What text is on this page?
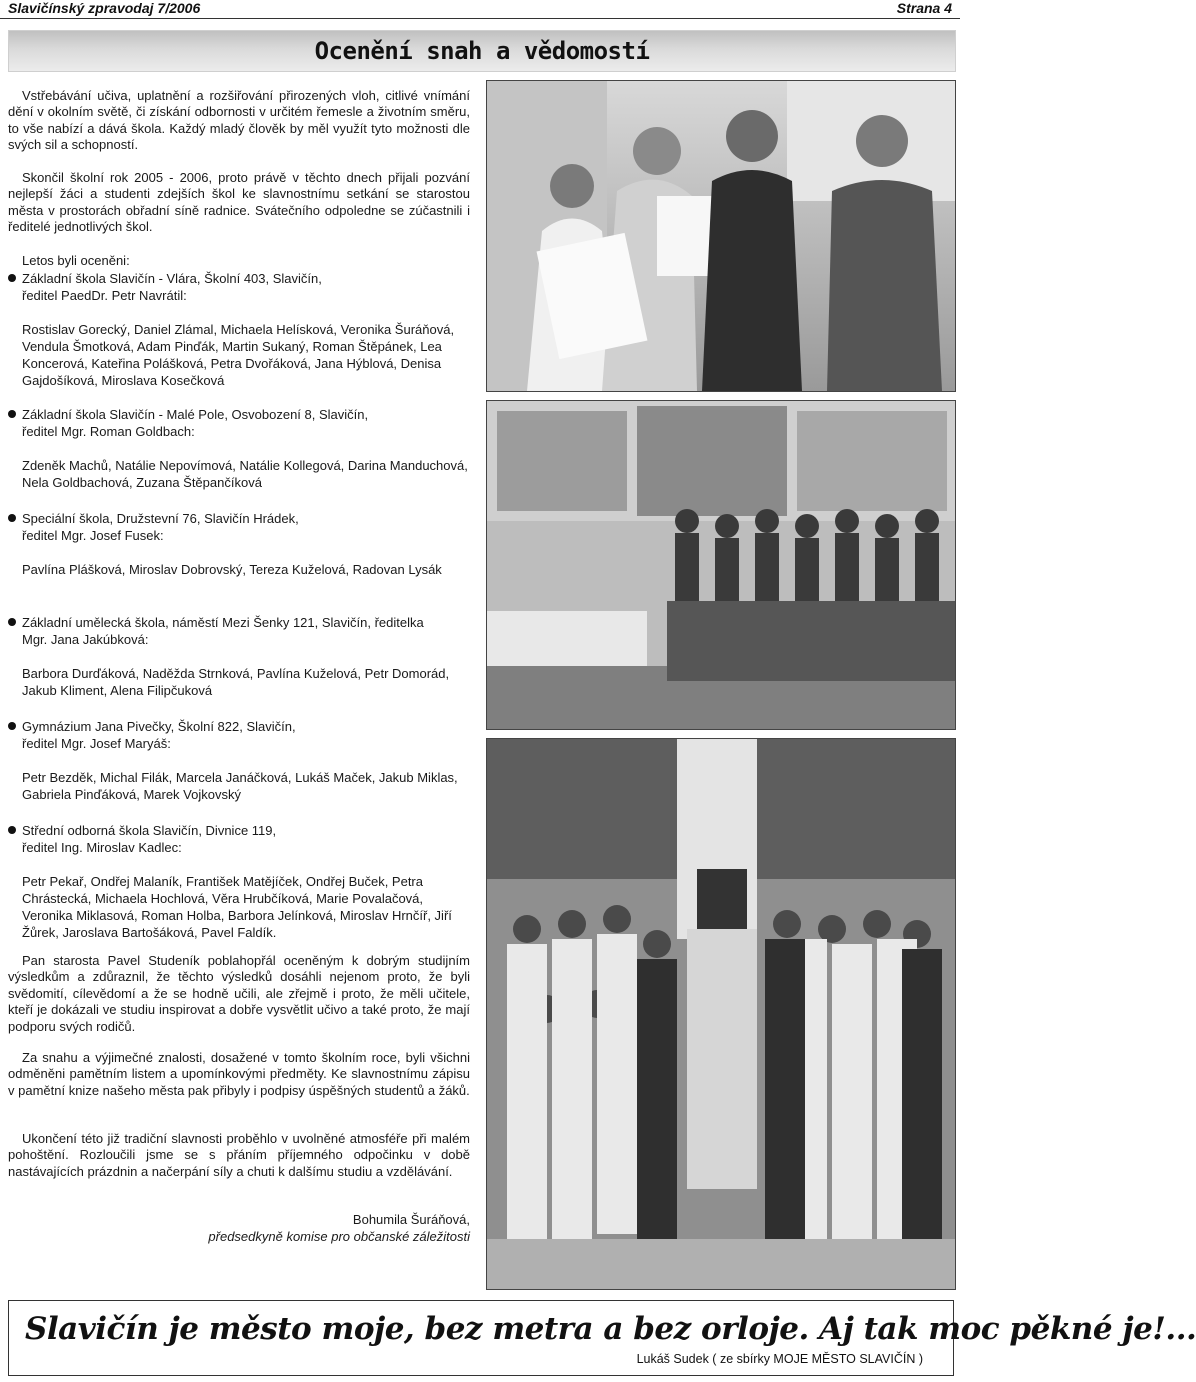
Slavičínský zpravodaj 7/2006	Strana 4
Ocenění snah a vědomostí

Vstřebávání učiva, uplatnění a rozšiřování přirozených vloh, citlivé vnímání dění v okolním světě, či získání odbornosti v určitém řemesle a životním směru, to vše nabízí a dává škola. Každý mladý člověk by měl využít tyto možnosti dle svých sil a schopností.

Skončil školní rok 2005 - 2006, proto právě v těchto dnech přijali pozvání nejlepší žáci a studenti zdejších škol ke slavnostnímu setkání se starostou města v prostorách obřadní síně radnice. Svátečního odpoledne se zúčastnili i ředitelé jednotlivých škol.

Letos byli oceněni:

Základní škola Slavičín - Vlára, Školní 403, Slavičín,
ředitel PaedDr. Petr Navrátil:
Rostislav Gorecký, Daniel Zlámal, Michaela Helísková, Veronika Šuráňová, Vendula Šmotková, Adam Pinďák, Martin Sukaný, Roman Štěpánek, Lea Koncerová, Kateřina Polášková, Petra Dvořáková, Jana Hýblová, Denisa Gajdošíková, Miroslava Kosečková
Základní škola Slavičín - Malé Pole, Osvobození 8, Slavičín,
ředitel Mgr. Roman Goldbach:
Zdeněk Machů, Natálie Nepovímová, Natálie Kollegová, Darina Manduchová, Nela Goldbachová, Zuzana Štěpančíková
Speciální škola, Družstevní 76, Slavičín Hrádek,
ředitel Mgr. Josef Fusek:
Pavlína Plášková, Miroslav Dobrovský, Tereza Kuželová, Radovan Lysák
Základní umělecká škola, náměstí Mezi Šenky 121, Slavičín, ředitelka
Mgr. Jana Jakúbková:
Barbora Durďáková, Naděžda Strnková, Pavlína Kuželová, Petr Domorád, Jakub Kliment, Alena Filipčuková
Gymnázium Jana Pivečky, Školní 822, Slavičín,
ředitel Mgr. Josef Maryáš:
Petr Bezděk, Michal Filák, Marcela Janáčková, Lukáš Maček, Jakub Miklas, Gabriela Pinďáková, Marek Vojkovský
Střední odborná škola Slavičín, Divnice 119,
ředitel Ing. Miroslav Kadlec:
Petr Pekař, Ondřej Malaník, František Matějíček, Ondřej Buček, Petra Chrástecká, Michaela Hochlová, Věra Hrubčíková, Marie Povalačová, Veronika Miklasová, Roman Holba, Barbora Jelínková, Miroslav Hrnčíř, Jiří Žůrek, Jaroslava Bartošáková, Pavel Faldík.

Pan starosta Pavel Studeník poblahopřál oceněným k dobrým studijním výsledkům a zdůraznil, že těchto výsledků dosáhli nejenom proto, že byli svědomití, cílevědomí a že se hodně učili, ale zřejmě i proto, že měli učitele, kteří je dokázali ve studiu inspirovat a dobře vysvětlit učivo a také proto, že mají podporu svých rodičů.

Za snahu a výjimečné znalosti, dosažené v tomto školním roce, byli všichni odměněni pamětním listem a upomínkovými předměty. Ke slavnostnímu zápisu v pamětní knize našeho města pak přibyly i podpisy úspěšných studentů a žáků.

Ukončení této již tradiční slavnosti proběhlo v uvolněné atmosféře při malém pohoštění. Rozloučili jsme se s přáním příjemného odpočinku v době nastávajících prázdnin a načerpání síly a chuti k dalšímu studiu a vzdělávání.

Bohumila Šuráňová,
předsedkyně komise pro občanské záležitosti
Slavičín je město moje, bez metra a bez orloje. Aj tak moc pěkné je!...
Lukáš Sudek ( ze sbírky MOJE MĚSTO SLAVIČÍN )
